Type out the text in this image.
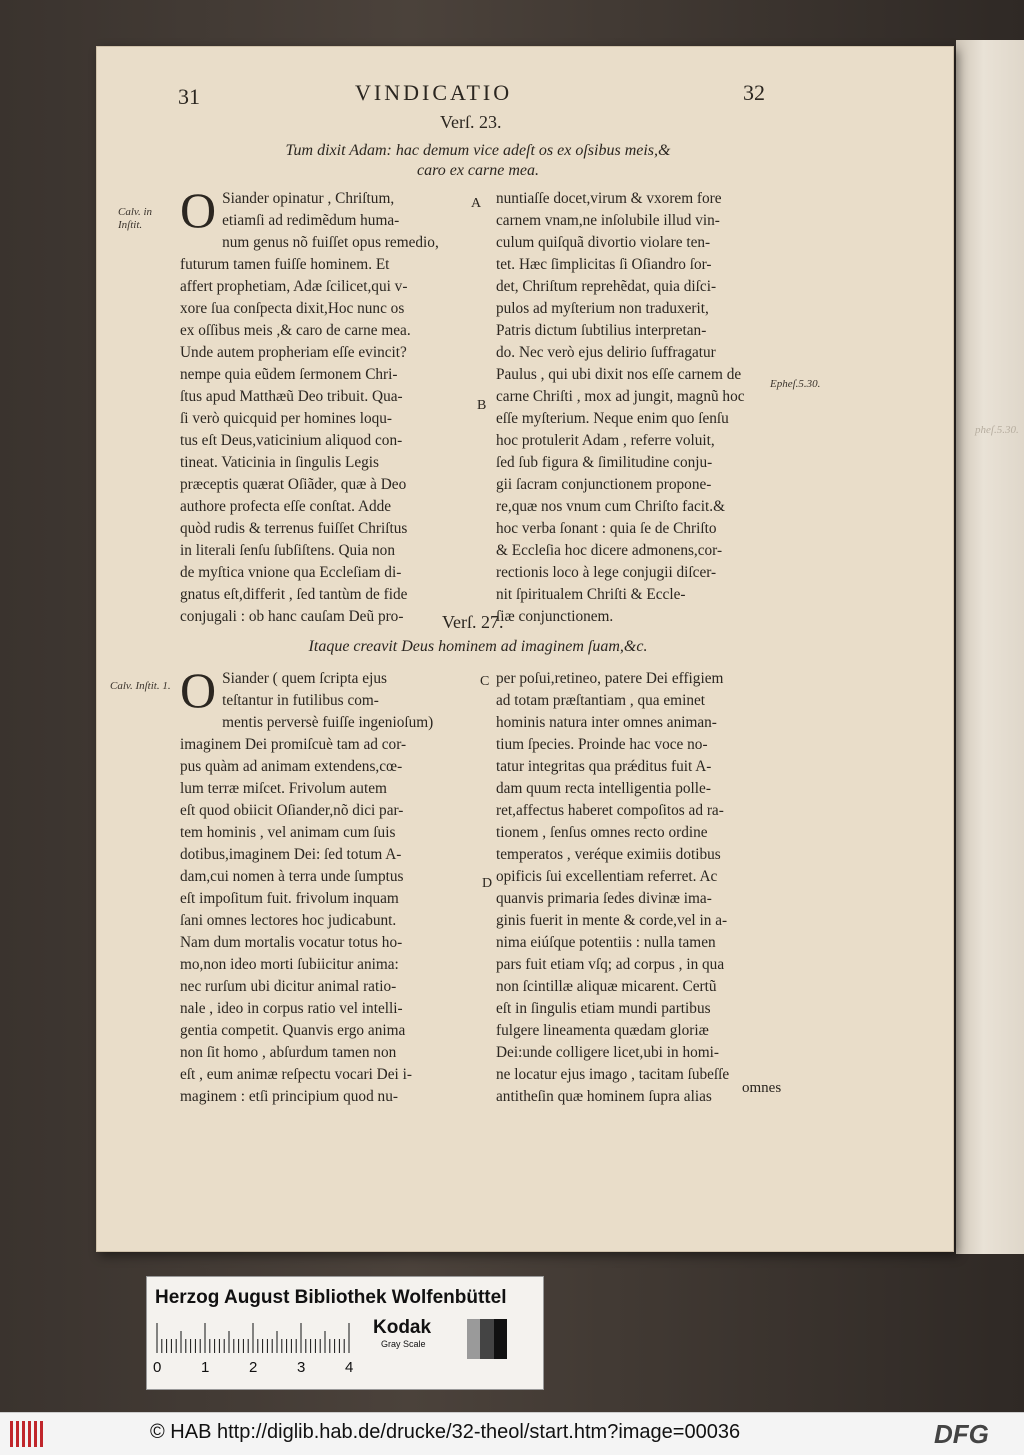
pheſ.5.30.
31	VINDICATIO	32
Verſ. 23.
Tum dixit Adam: hac demum vice adeſt os ex oſsibus meis,&
caro ex carne mea.
Calv. in Inſtit.
Epheſ.5.30.
A
B
O Siander opinatur , Chriſtum,
etiamſi ad redimẽdum huma-
num genus nõ fuiſſet opus remedio,
futurum tamen fuiſſe hominem. Et
affert prophetiam, Adæ ſcilicet,qui v-
xore ſua conſpecta dixit,Hoc nunc os
ex oſſibus meis ,& caro de carne mea.
Unde autem propheriam eſſe evincit?
nempe quia eũdem ſermonem Chri-
ſtus apud Matthæũ Deo tribuit. Qua-
ſi verò quicquid per homines loqu-
tus eſt Deus,vaticinium aliquod con-
tineat. Vaticinia in ſingulis Legis
præceptis quærat Oſiãder, quæ à Deo
authore profecta eſſe conſtat. Adde
quòd rudis & terrenus fuiſſet Chriſtus
in literali ſenſu ſubſiſtens. Quia non
de myſtica vnione qua Eccleſiam di-
gnatus eſt,differit , ſed tantùm de fide
conjugali : ob hanc cauſam Deũ pro-
nuntiaſſe docet,virum & vxorem fore
carnem vnam,ne inſolubile illud vin-
culum quiſquã divortio violare ten-
tet. Hæc ſimplicitas ſi Oſiandro ſor-
det, Chriſtum reprehẽdat, quia diſci-
pulos ad myſterium non traduxerit,
Patris dictum ſubtilius interpretan-
do. Nec verò ejus delirio ſuffragatur
Paulus , qui ubi dixit nos eſſe carnem de
carne Chriſti , mox ad jungit, magnũ hoc
eſſe myſterium. Neque enim quo ſenſu
hoc protulerit Adam , referre voluit,
ſed ſub figura & ſimilitudine conju-
gii ſacram conjunctionem propone-
re,quæ nos vnum cum Chriſto facit.&
hoc verba ſonant : quia ſe de Chriſto
& Eccleſia hoc dicere admonens,cor-
rectionis loco à lege conjugii diſcer-
nit ſpiritualem Chriſti & Eccle-
ſiæ conjunctionem.
Verſ. 27.
Itaque creavit Deus hominem ad imaginem ſuam,&c.
Calv. Inſtit. 1.	C
D
O Siander ( quem ſcripta ejus
teſtantur in futilibus com-
mentis perversè fuiſſe ingenioſum)
imaginem Dei promiſcuè tam ad cor-
pus quàm ad animam extendens,cœ-
lum terræ miſcet. Frivolum autem
eſt quod obiicit Oſiander,nõ dici par-
tem hominis , vel animam cum ſuis
dotibus,imaginem Dei: ſed totum A-
dam,cui nomen à terra unde ſumptus
eſt impoſitum fuit. frivolum inquam
ſani omnes lectores hoc judicabunt.
Nam dum mortalis vocatur totus ho-
mo,non ideo morti ſubiicitur anima:
nec rurſum ubi dicitur animal ratio-
nale , ideo in corpus ratio vel intelli-
gentia competit. Quanvis ergo anima
non ſit homo , abſurdum tamen non
eſt , eum animæ reſpectu vocari Dei i-
maginem : etſi principium quod nu-
per poſui,retineo, patere Dei effigiem
ad totam præſtantiam , qua eminet
hominis natura inter omnes animan-
tium ſpecies. Proinde hac voce no-
tatur integritas qua prǽditus fuit A-
dam quum recta intelligentia polle-
ret,affectus haberet compoſitos ad ra-
tionem , ſenſus omnes recto ordine
temperatos , veréque eximiis dotibus
opificis ſui excellentiam referret. Ac
quanvis primaria ſedes divinæ ima-
ginis fuerit in mente & corde,vel in a-
nima eiúſque potentiis : nulla tamen
pars fuit etiam vſq; ad corpus , in qua
non ſcintillæ aliquæ micarent. Certũ
eſt in ſingulis etiam mundi partibus
fulgere lineamenta quædam gloriæ
Dei:unde colligere licet,ubi in homi-
ne locatur ejus imago , tacitam ſubeſſe
antitheſin quæ hominem ſupra alias	omnes
Herzog August Bibliothek Wolfenbüttel
Kodak
Gray Scale
0	1	2	3	4
© HAB http://diglib.hab.de/drucke/32-theol/start.htm?image=00036	DFG
